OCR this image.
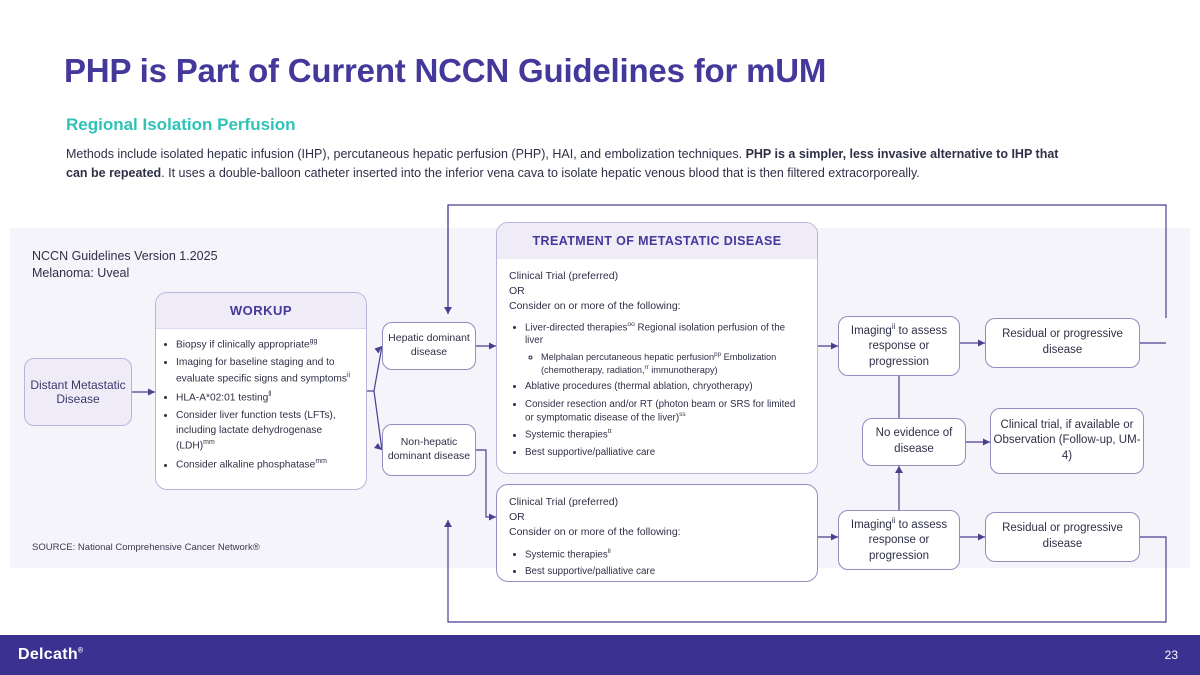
PHP is Part of Current NCCN Guidelines for mUM
Regional Isolation Perfusion
Methods include isolated hepatic infusion (IHP), percutaneous hepatic perfusion (PHP), HAI, and embolization techniques. PHP is a simpler, less invasive alternative to IHP that can be repeated. It uses a double-balloon catheter inserted into the inferior vena cava to isolate hepatic venous blood that is then filtered extracorporeally.
NCCN Guidelines Version 1.2025
Melanoma: Uveal
Distant Metastatic Disease
WORKUP
• Biopsy if clinically appropriate$^{gg}$
• Imaging for baseline staging and to evaluate specific signs and symptoms$^{ii}$
• HLA-A*02:01 testing$^{ll}$
• Consider liver function tests (LFTs), including lactate dehydrogenase (LDH)$^{mm}$
• Consider alkaline phosphatase$^{mm}$
Hepatic dominant disease
Non-hepatic dominant disease
TREATMENT OF METASTATIC DISEASE
Clinical Trial (preferred)
OR
Consider on or more of the following:
• Liver-directed therapies$^{oo}$ Regional isolation perfusion of the liver
◦ Melphalan percutaneous hepatic perfusion$^{pp}$ Embolization (chemotherapy, radiation,$^{rr}$ immunotherapy)
• Ablative procedures (thermal ablation, chryotherapy)
• Consider resection and/or RT (photon beam or SRS for limited or symptomatic disease of the liver)$^{ss}$
• Systemic therapies$^{tt}$
• Best supportive/palliative care
Clinical Trial (preferred)
OR
Consider on or more of the following:
• Systemic therapies$^{ll}$
• Best supportive/palliative care
Imaging$^{ii}$ to assess response or progression
Residual or progressive disease
No evidence of disease
Clinical trial, if available or Observation (Follow-up, UM-4)
Imaging$^{ii}$ to assess response or progression
Residual or progressive disease
SOURCE: National Comprehensive Cancer Network®
Delcath®	23
